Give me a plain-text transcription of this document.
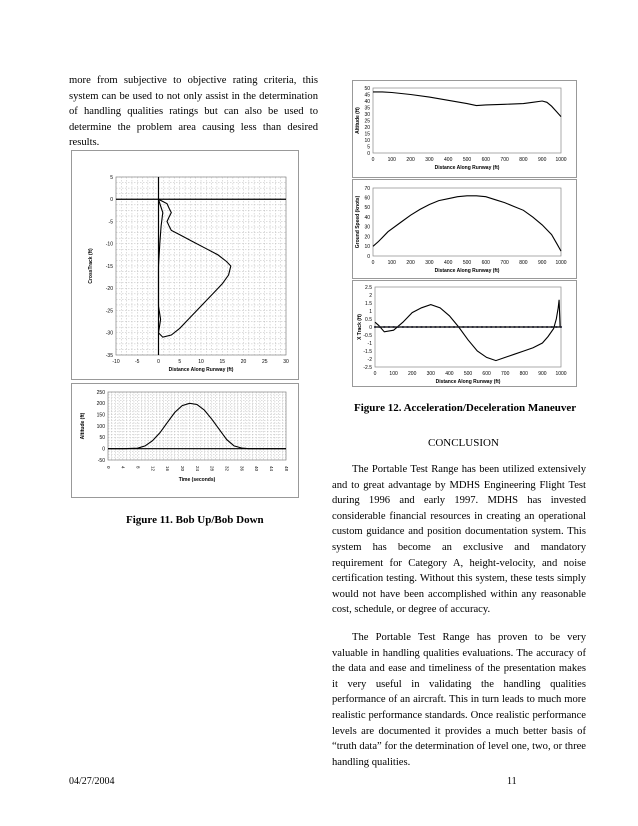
more from subjective to objective rating criteria, this system can be used to not only assist in the determination of handling qualities ratings but can also be used to determine the problem area causing less than desired results.

-10	-5	0	5	10	15	20	25	30
5
0
-5
-10
-15
-20
-25
-30
-35
Distance Along Runway (ft)
CrossTrack (ft)
0 4 8 12 16 20 24 28 32 36 40 44 48
250
200
150
100
50
0
-50
Time (seconds)
Altitude (ft)
Figure 11. Bob Up/Bob Down
0	100 200 300 400 500 600 700 800 900 1000
50
45
40
35
30
25
20
15
10
5
0
Distance Along Runway (ft)
Altitude (ft)
0	100 200 300 400 500 600 700 800 900 1000
70
60
50
40
30
20
10
0
Distance Along Runway (ft)
Ground Speed (knots)
0	100 200 300 400 500 600 700 800 900 1000
2.5
2
1.5
1
0.5
0
-0.5
-1
-1.5
-2
-2.5
Distance Along Runway (ft)
X Track (ft)
Figure 12. Acceleration/Deceleration Maneuver
CONCLUSION

The Portable Test Range has been utilized extensively and to great advantage by MDHS Engineering Flight Test during 1996 and early 1997. MDHS has invested considerable financial resources in creating an operational custom guidance and position documentation system. This system has become an exclusive and mandatory requirement for Category A, height-velocity, and noise certification testing. Without this system, these tests simply would not have been accomplished within any reasonable cost, schedule, or degree of accuracy.

The Portable Test Range has proven to be very valuable in handling qualities evaluations. The accuracy of the data and ease and timeliness of the presentation makes it very useful in validating the handling qualities performance of an aircraft. This in turn leads to much more realistic performance standards. Once realistic performance levels are documented it provides a much better basis of “truth data” for the determination of level one, two, or three handling qualities.

04/27/2004	11
